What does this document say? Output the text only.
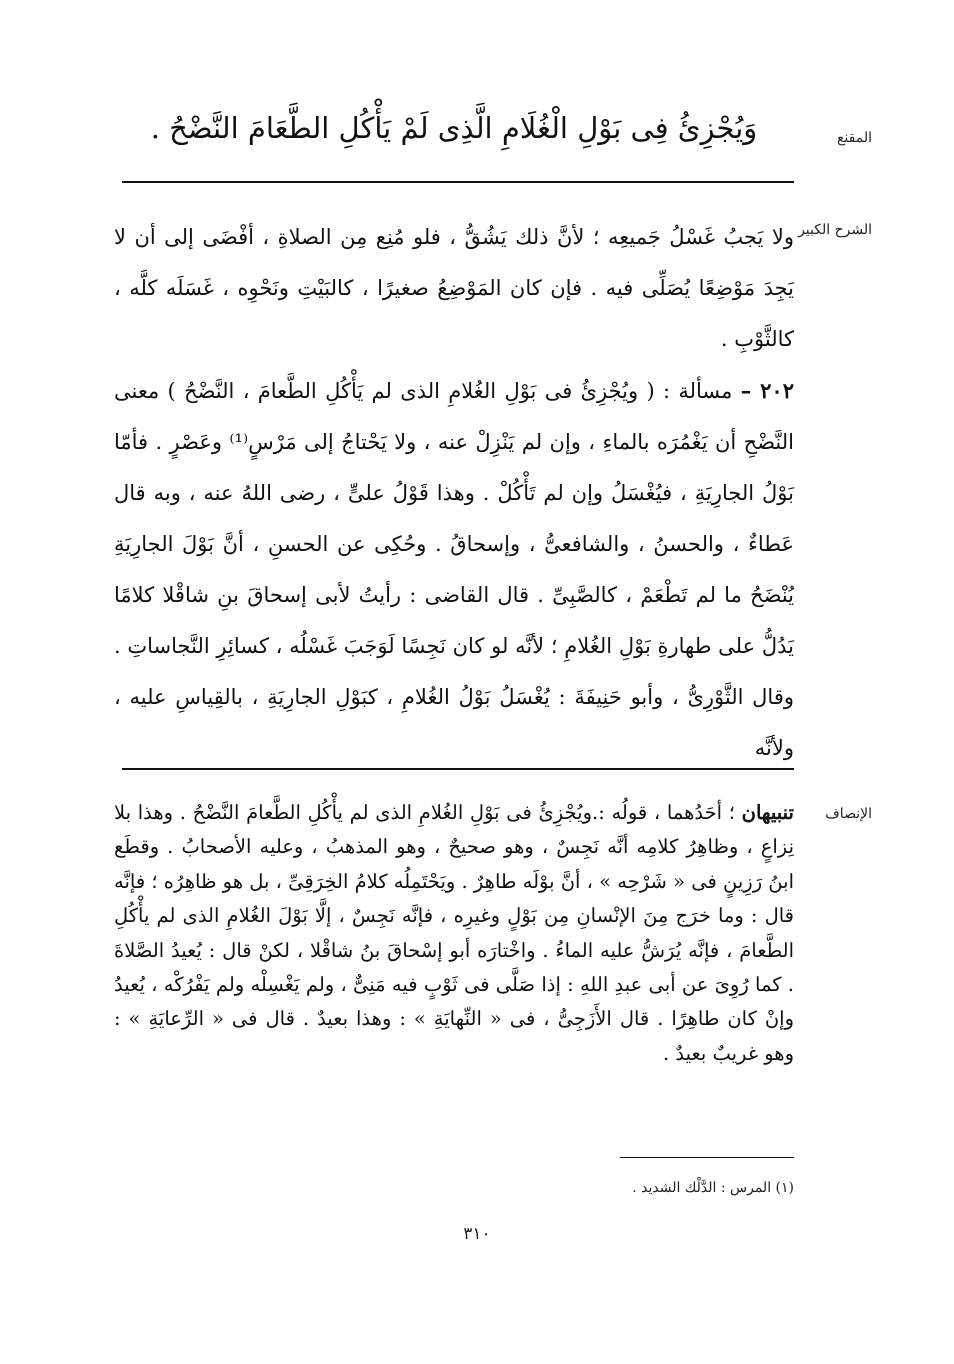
المقنع
وَيُجْزِئُ فِى بَوْلِ الْغُلَامِ الَّذِى لَمْ يَأْكُلِ الطَّعَامَ النَّضْحُ .
الشرح الكبير

ولا يَجبُ غَسْلُ جَميعِه ؛ لأنَّ ذلك يَشُقُّ ، فلو مُنِع مِن الصلاةِ ، أفْضَى إلى أن لا يَجِدَ مَوْضِعًا يُصَلِّى فيه . فإن كان المَوْضِعُ صغيرًا ، كالبَيْتِ ونَحْوِه ، غَسَلَه كلَّه ، كالثَّوْبِ .

٢٠٢ – مسألة : ( ويُجْزِئُ فى بَوْلِ الغُلامِ الذى لم يَأْكُلِ الطَّعامَ ، النَّضْحُ ) معنى النَّضْحِ أن يَغْمُرَه بالماءِ ، وإن لم يَنْزِلْ عنه ، ولا يَحْتاجُ إلى مَرْسٍ⁽¹⁾ وعَصْرٍ . فأمّا بَوْلُ الجارِيَةِ ، فيُغْسَلُ وإن لم تَأْكُلْ . وهذا قَوْلُ علىٍّ ، رضى اللهُ عنه ، وبه قال عَطاءٌ ، والحسنُ ، والشافعىُّ ، وإسحاقُ . وحُكِى عن الحسنِ ، أنَّ بَوْلَ الجارِيَةِ يُنْضَحُ ما لم تَطْعَمْ ، كالصَّبِىِّ . قال القاضى : رأيتُ لأبى إسحاقَ بنِ شاقْلا كلامًا يَدُلُّ على طهارةِ بَوْلِ الغُلامِ ؛ لأنَّه لو كان نَجِسًا لَوَجَبَ غَسْلُه ، كسائِرِ النَّجاساتِ . وقال الثَّوْرِىُّ ، وأبو حَنِيفَةَ : يُغْسَلُ بَوْلُ الغُلامِ ، كبَوْلِ الجارِيَةِ ، بالقِياسِ عليه ، ولأنَّه

الإنصاف

تنبيهان ؛ أحَدُهما ، قولُه :.ويُجْزِئُ فى بَوْلِ الغُلامِ الذى لم يأْكُلِ الطَّعامَ النَّضْحُ . وهذا بلا نِزاعٍ ، وظاهِرُ كلامِه أنَّه نَجِسٌ ، وهو صحيحٌ ، وهو المذهبُ ، وعليه الأصحابُ . وقطَع ابنُ رَزِينٍ فى « شَرْحِه » ، أنَّ بوْلَه طاهِرٌ . ويَحْتَمِلُه كلامُ الخِرَقِىِّ ، بل هو ظاهِرُه ؛ فإنَّه قال : وما خرَج مِنَ الإنْسانِ مِن بَوْلٍ وغيرِه ، فإنَّه نَجِسٌ ، إلَّا بَوْلَ الغُلامِ الذى لم يأْكُلِ الطَّعامَ ، فإنَّه يُرَشُّ عليه الماءُ . واخْتارَه أبو إسْحاقَ بنُ شاقْلا ، لكنْ قال : يُعيدُ الصَّلاةَ . كما رُوِىَ عن أبى عبدِ اللهِ : إذا صَلَّى فى ثَوْبٍ فيه مَنِىٌّ ، ولم يَغْسِلْه ولم يَفْرُكْه ، يُعيدُ وإنْ كان طاهِرًا . قال الأَزَجِىُّ ، فى « النِّهايَةِ » : وهذا بعيدٌ . قال فى « الرِّعايَةِ » : وهو غريبٌ بعيدٌ .

(١) المرس : الدَّلْك الشديد .
٣١٠
